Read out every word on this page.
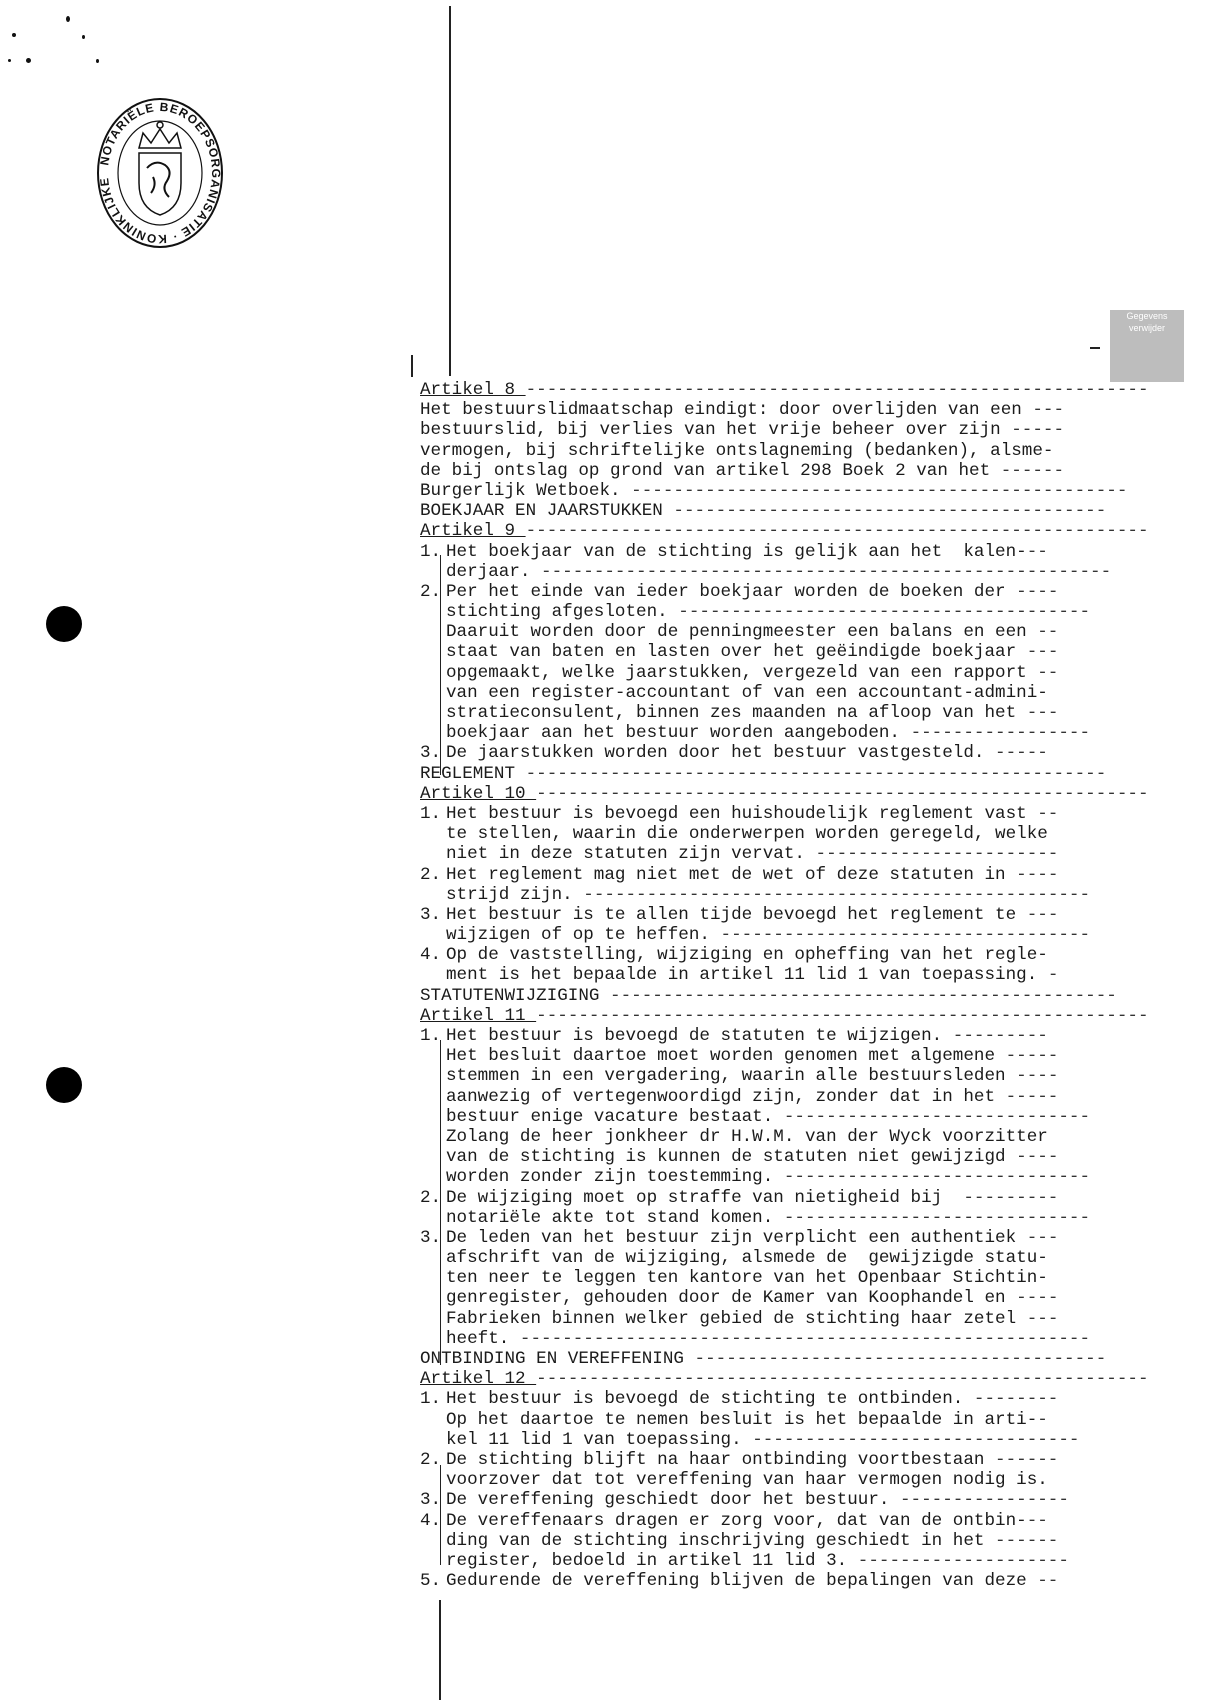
NOTARIËLE BEROEPSORGANISATIE · KONINKLIJKE
Gegevens verwijder
Artikel 8 -----------------------------------------------------------
Het bestuurslidmaatschap eindigt: door overlijden van een ---
bestuurslid, bij verlies van het vrije beheer over zijn -----
vermogen, bij schriftelijke ontslagneming (bedanken), alsme-
de bij ontslag op grond van artikel 298 Boek 2 van het ------
Burgerlijk Wetboek. -----------------------------------------------
BOEKJAAR EN JAARSTUKKEN -----------------------------------------
Artikel 9 -----------------------------------------------------------
1. Het boekjaar van de stichting is gelijk aan het  kalen---
derjaar. ------------------------------------------------------
2. Per het einde van ieder boekjaar worden de boeken der ----
stichting afgesloten. ---------------------------------------
Daaruit worden door de penningmeester een balans en een --
staat van baten en lasten over het geëindigde boekjaar ---
opgemaakt, welke jaarstukken, vergezeld van een rapport --
van een register-accountant of van een accountant-admini-
stratieconsulent, binnen zes maanden na afloop van het ---
boekjaar aan het bestuur worden aangeboden. -----------------
3. De jaarstukken worden door het bestuur vastgesteld. -----
REGLEMENT -------------------------------------------------------
Artikel 10 ----------------------------------------------------------
1. Het bestuur is bevoegd een huishoudelijk reglement vast --
te stellen, waarin die onderwerpen worden geregeld, welke
niet in deze statuten zijn vervat. -----------------------
2. Het reglement mag niet met de wet of deze statuten in ----
strijd zijn. ------------------------------------------------
3. Het bestuur is te allen tijde bevoegd het reglement te ---
wijzigen of op te heffen. -----------------------------------
4. Op de vaststelling, wijziging en opheffing van het regle-
ment is het bepaalde in artikel 11 lid 1 van toepassing. -
STATUTENWIJZIGING ------------------------------------------------
Artikel 11 ----------------------------------------------------------
1. Het bestuur is bevoegd de statuten te wijzigen. ---------
Het besluit daartoe moet worden genomen met algemene -----
stemmen in een vergadering, waarin alle bestuursleden ----
aanwezig of vertegenwoordigd zijn, zonder dat in het -----
bestuur enige vacature bestaat. -----------------------------
Zolang de heer jonkheer dr H.W.M. van der Wyck voorzitter
van de stichting is kunnen de statuten niet gewijzigd ----
worden zonder zijn toestemming. -----------------------------
2. De wijziging moet op straffe van nietigheid bij  ---------
notariële akte tot stand komen. -----------------------------
3. De leden van het bestuur zijn verplicht een authentiek ---
afschrift van de wijziging, alsmede de  gewijzigde statu-
ten neer te leggen ten kantore van het Openbaar Stichtin-
genregister, gehouden door de Kamer van Koophandel en ----
Fabrieken binnen welker gebied de stichting haar zetel ---
heeft. ------------------------------------------------------
ONTBINDING EN VEREFFENING ---------------------------------------
Artikel 12 ----------------------------------------------------------
1. Het bestuur is bevoegd de stichting te ontbinden. --------
Op het daartoe te nemen besluit is het bepaalde in arti--
kel 11 lid 1 van toepassing. -------------------------------
2. De stichting blijft na haar ontbinding voortbestaan ------
voorzover dat tot vereffening van haar vermogen nodig is.
3. De vereffening geschiedt door het bestuur. ----------------
4. De vereffenaars dragen er zorg voor, dat van de ontbin---
ding van de stichting inschrijving geschiedt in het ------
register, bedoeld in artikel 11 lid 3. --------------------
5. Gedurende de vereffening blijven de bepalingen van deze --
